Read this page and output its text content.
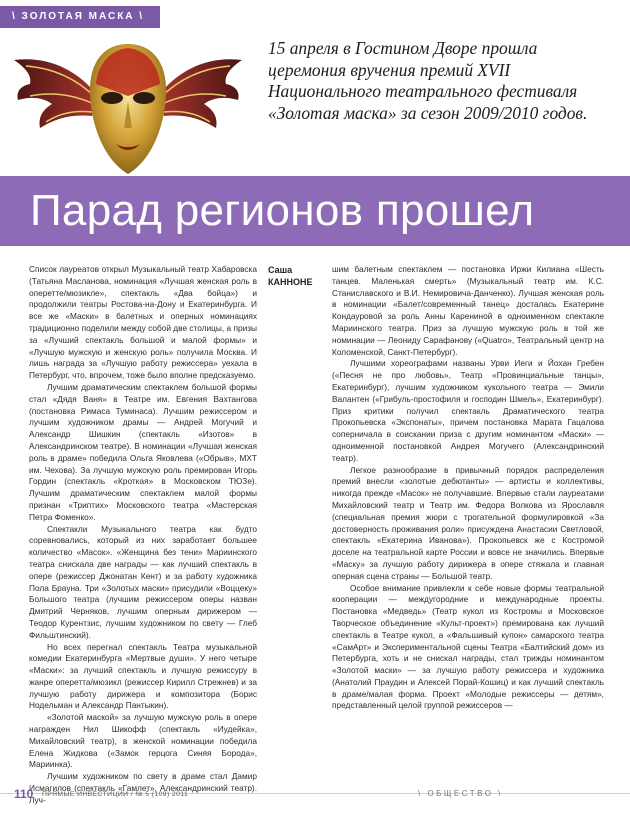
\ ЗОЛОТАЯ МАСКА \
15 апреля в Гостином Дворе прошла церемония вручения премий XVII Национального театрального фестиваля «Золотая маска» за сезон 2009/2010 годов.
Парад регионов прошел

Список лауреатов открыл Музыкальный театр Хабаровска (Татьяна Масланова, номинация «Лучшая женская роль в оперетте/мюзикле», спектакль «Два бойца») и продолжили театры Ростова-на-Дону и Екатеринбурга. И все же «Маски» в балетных и оперных номинациях традиционно поделили между собой две столицы, а призы за «Лучший спектакль большой и малой формы» и «Лучшую мужскую и женскую роль» получила Москва. И лишь награда за «Лучшую работу режиссера» уехала в Петербург, что, впрочем, тоже было вполне предсказуемо.

Лучшим драматическим спектаклем большой формы стал «Дядя Ваня» в Театре им. Евгения Вахтангова (постановка Римаса Туминаса). Лучшим режиссером и лучшим художником драмы — Андрей Могучий и Александр Шишкин (спектакль «Изотов» в Александринском театре). В номинации «Лучшая женская роль в драме» победила Ольга Яковлева («Обрыв», МХТ им. Чехова). За лучшую мужскую роль премирован Игорь Гордин (спектакль «Кроткая» в Московском ТЮЗе). Лучшим драматическим спектаклем малой формы признан «Триптих» Московского театра «Мастерская Петра Фоменко».

Спектакли Музыкального театра как будто соревновались, который из них заработает большее количество «Масок». «Женщина без тени» Мариинского театра снискала две награды — как лучший спектакль в опере (режиссер Джонатан Кент) и за работу художника Пола Брауна. Три «Золотых маски» присудили «Воццеку» Большого театра (лучшим режиссером оперы назван Дмитрий Черняков, лучшим оперным дирижером — Теодор Курентзис, лучшим художником по свету — Глеб Фильштинский).

Но всех перегнал спектакль Театра музыкальной комедии Екатеринбурга «Мертвые души». У него четыре «Маски»: за лучший спектакль и лучшую режиссуру в жанре оперетта/мюзикл (режиссер Кирилл Стрежнев) и за лучшую работу дирижера и композитора (Борис Нодельман и Александр Пантыкин).

«Золотой маской» за лучшую мужскую роль в опере награжден Нил Шикофф (спектакль «Иудейка», Михайловский театр), в женской номинации победила Елена Жидкова («Замок герцога Синяя Борода», Мариинка).

Лучшим художником по свету в драме стал Дамир Исмагилов (спектакль «Гамлет», Александринский театр). Луч-

Саша
КАННОНЕ

шим балетным спектаклем — постановка Иржи Килиана «Шесть танцев. Маленькая смерть» (Музыкальный театр им. К.С. Станиславского и В.И. Немировича-Данченко). Лучшая женская роль в номинации «Балет/современный танец» досталась Екатерине Кондауровой за роль Анны Карениной в одноименном спектакле Мариинского театра. Приз за лучшую мужскую роль в той же номинации — Леониду Сарафанову («Quatro», Театральный центр на Коломенской, Санкт-Петербург).

Лучшими хореографами названы Урви Иеги и Йохан Гребен («Песня не про любовь», Театр «Провинциальные танцы», Екатеринбург), лучшим художником кукольного театра — Эмили Валантен («Грибуль-простофиля и господин Шмель», Екатеринбург). Приз критики получил спектакль Драматического театра Прокопьевска «Экспонаты», причем постановка Марата Гацалова соперничала в соискании приза с другим номинантом «Маски» — одноименной постановкой Андрея Могучего (Александринский театр).

Легкое разнообразие в привычный порядок распределения премий внесли «золотые дебютанты» — артисты и коллективы, никогда прежде «Масок» не получавшие. Впервые стали лауреатами Михайловский театр и Театр им. Федора Волкова из Ярославля (специальная премия жюри с трогательной формулировкой «За достоверность проживания роли» присуждена Анастасии Светловой, спектакль «Екатерина Иванова»). Прокопьевск же с Костромой доселе на театральной карте России и вовсе не значились. Впервые «Маску» за лучшую работу дирижера в опере стяжала и главная оперная сцена страны — Большой театр.

Особое внимание привлекли к себе новые формы театральной кооперации — междугородние и международные проекты. Постановка «Медведь» (Театр кукол из Костромы и Московское Творческое объединение «Культ-проект») премирована как лучший спектакль в Театре кукол, а «Фальшивый купон» самарского театра «СамАрт» и Экспериментальной сцены Театра «Балтийский дом» из Петербурга, хоть и не снискал награды, стал трижды номинантом «Золотой маски» — за лучшую работу режиссера и художника (Анатолий Праудин и Алексей Порай-Кошиц) и как лучший спектакль в драме/малая форма. Проект «Молодые режиссеры — детям», представленный целой группой режиссеров —

110 ПРЯМЫЕ ИНВЕСТИЦИИ / № 5 (109) 2011	\ ОБЩЕСТВО \
